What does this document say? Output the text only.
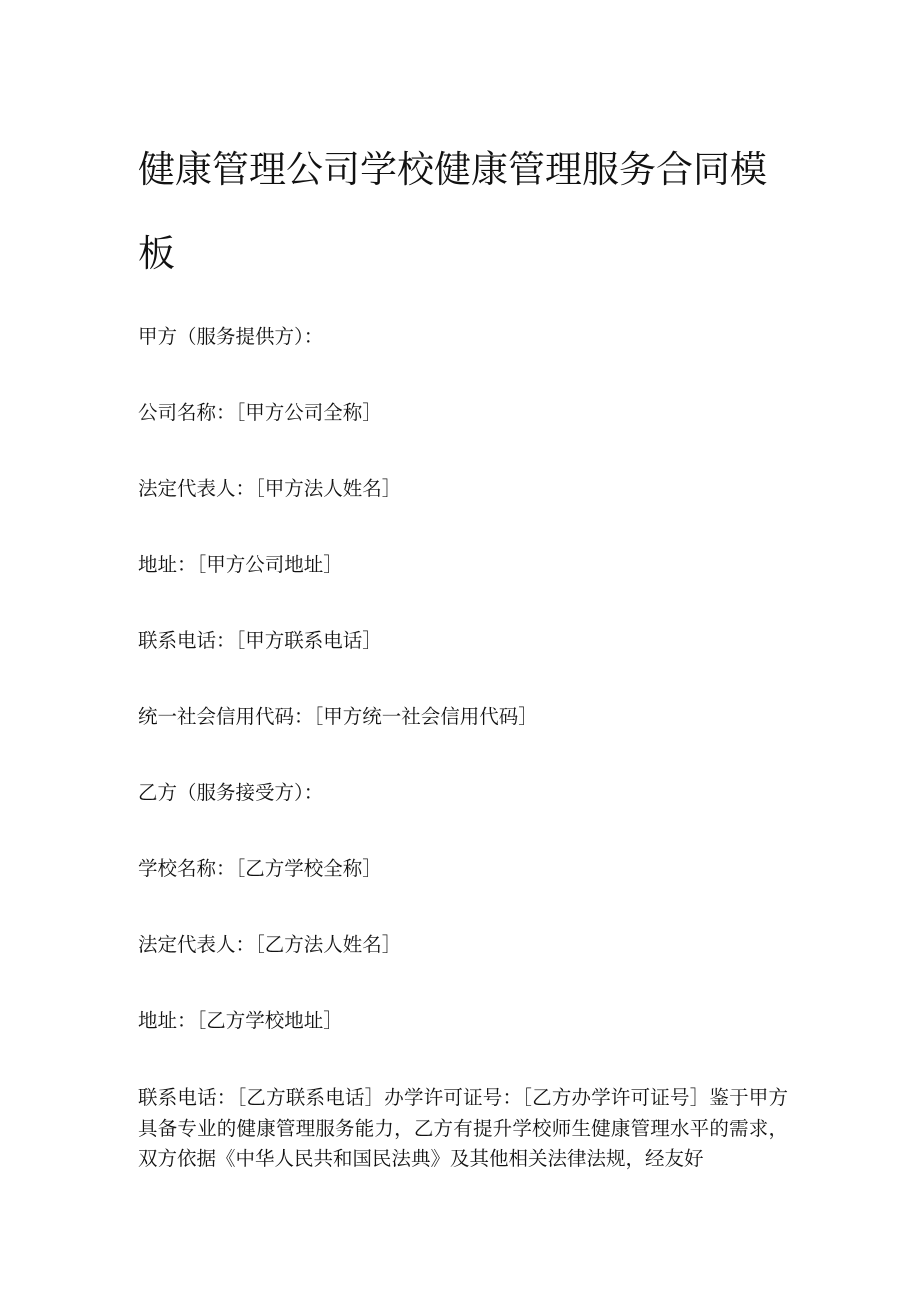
健康管理公司学校健康管理服务合同模板

甲方（服务提供方）：

公司名称：［甲方公司全称］

法定代表人：［甲方法人姓名］

地址：［甲方公司地址］

联系电话：［甲方联系电话］

统一社会信用代码：［甲方统一社会信用代码］

乙方（服务接受方）：

学校名称：［乙方学校全称］

法定代表人：［乙方法人姓名］

地址：［乙方学校地址］

联系电话：［乙方联系电话］办学许可证号：［乙方办学许可证号］鉴于甲方具备专业的健康管理服务能力，乙方有提升学校师生健康管理水平的需求，双方依据《中华人民共和国民法典》及其他相关法律法规，经友好
